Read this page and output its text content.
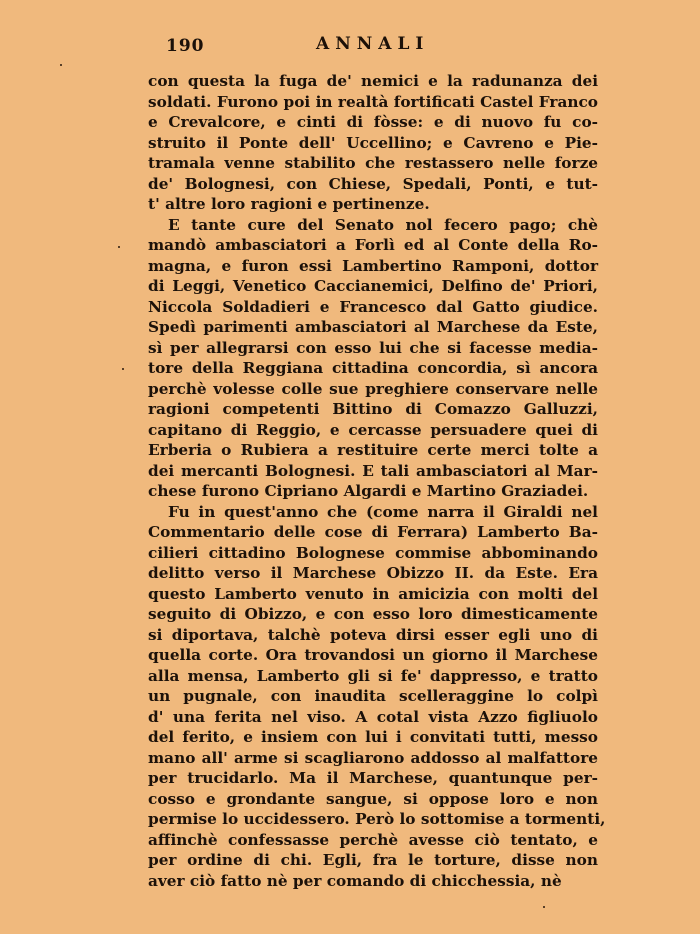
190	ANNALI
con questa la fuga de' nemici e la radunanza dei
soldati. Furono poi in realtà fortificati Castel Franco
e Crevalcore, e cinti di fòsse: e di nuovo fu co-
struito il Ponte dell' Uccellino; e Cavreno e Pie-
tramala venne stabilito che restassero nelle forze
de' Bolognesi, con Chiese, Spedali, Ponti, e tut-
t' altre loro ragioni e pertinenze.
E tante cure del Senato nol fecero pago; chè
mandò ambasciatori a Forlì ed al Conte della Ro-
magna, e furon essi Lambertino Ramponi, dottor
di Leggi, Venetico Caccianemici, Delfino de' Priori,
Niccola Soldadieri e Francesco dal Gatto giudice.
Spedì parimenti ambasciatori al Marchese da Este,
sì per allegrarsi con esso lui che si facesse media-
tore della Reggiana cittadina concordia, sì ancora
perchè volesse colle sue preghiere conservare nelle
ragioni competenti Bittino di Comazzo Galluzzi,
capitano di Reggio, e cercasse persuadere quei di
Erberia o Rubiera a restituire certe merci tolte a
dei mercanti Bolognesi. E tali ambasciatori al Mar-
chese furono Cipriano Algardi e Martino Graziadei.
Fu in quest'anno che (come narra il Giraldi nel
Commentario delle cose di Ferrara) Lamberto Ba-
cilieri cittadino Bolognese commise abbominando
delitto verso il Marchese Obizzo II. da Este. Era
questo Lamberto venuto in amicizia con molti del
seguito di Obizzo, e con esso loro dimesticamente
si diportava, talchè poteva dirsi esser egli uno di
quella corte. Ora trovandosi un giorno il Marchese
alla mensa, Lamberto gli si fe' dappresso, e tratto
un pugnale, con inaudita scelleraggine lo colpì
d' una ferita nel viso. A cotal vista Azzo figliuolo
del ferito, e insiem con lui i convitati tutti, messo
mano all' arme si scagliarono addosso al malfattore
per trucidarlo. Ma il Marchese, quantunque per-
cosso e grondante sangue, si oppose loro e non
permise lo uccidessero. Però lo sottomise a tormenti,
affinchè confessasse perchè avesse ciò tentato, e
per ordine di chi. Egli, fra le torture, disse non
aver ciò fatto nè per comando di chicchessia, nè
